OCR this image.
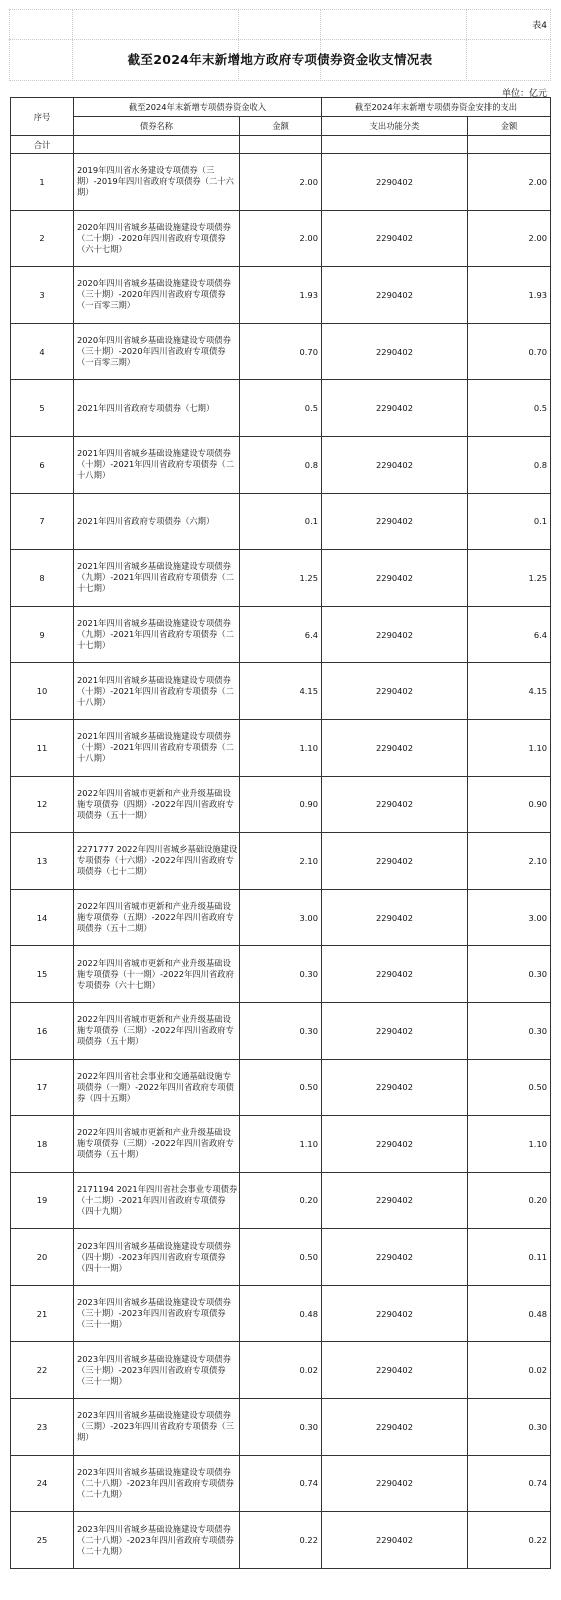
表4
截至2024年末新增地方政府专项债券资金收支情况表
单位：亿元
序号	截至2024年末新增专项债券资金收入		截至2024年末新增专项债券资金安排的支出	
	债券名称	金额	支出功能分类	金额
合计				
1	2019年四川省水务建设专项债券（三期）-2019年四川省政府专项债券（二十六期）	2.00	2290402	2.00
2	2020年四川省城乡基础设施建设专项债券（二十期）-2020年四川省政府专项债券（六十七期）	2.00	2290402	2.00
3	2020年四川省城乡基础设施建设专项债券（三十期）-2020年四川省政府专项债券（一百零三期）	1.93	2290402	1.93
4	2020年四川省城乡基础设施建设专项债券（三十期）-2020年四川省政府专项债券（一百零三期）	0.70	2290402	0.70
5	2021年四川省政府专项债券（七期）	0.5	2290402	0.5
6	2021年四川省城乡基础设施建设专项债券（十期）-2021年四川省政府专项债券（二十八期）	0.8	2290402	0.8
7	2021年四川省政府专项债券（六期）	0.1	2290402	0.1
8	2021年四川省城乡基础设施建设专项债券（九期）-2021年四川省政府专项债券（二十七期）	1.25	2290402	1.25
9	2021年四川省城乡基础设施建设专项债券（九期）-2021年四川省政府专项债券（二十七期）	6.4	2290402	6.4
10	2021年四川省城乡基础设施建设专项债券（十期）-2021年四川省政府专项债券（二十八期）	4.15	2290402	4.15
11	2021年四川省城乡基础设施建设专项债券（十期）-2021年四川省政府专项债券（二十八期）	1.10	2290402	1.10
12	2022年四川省城市更新和产业升级基础设施专项债券（四期）-2022年四川省政府专项债券（五十一期）	0.90	2290402	0.90
13	2271777 2022年四川省城乡基础设施建设专项债券（十六期）-2022年四川省政府专项债券（七十二期）	2.10	2290402	2.10
14	2022年四川省城市更新和产业升级基础设施专项债券（五期）-2022年四川省政府专项债券（五十二期）	3.00	2290402	3.00
15	2022年四川省城市更新和产业升级基础设施专项债券（十一期）-2022年四川省政府专项债券（六十七期）	0.30	2290402	0.30
16	2022年四川省城市更新和产业升级基础设施专项债券（三期）-2022年四川省政府专项债券（五十期）	0.30	2290402	0.30
17	2022年四川省社会事业和交通基础设施专项债券（一期）-2022年四川省政府专项债券（四十五期）	0.50	2290402	0.50
18	2022年四川省城市更新和产业升级基础设施专项债券（三期）-2022年四川省政府专项债券（五十期）	1.10	2290402	1.10
19	2171194 2021年四川省社会事业专项债券（十二期）-2021年四川省政府专项债券（四十九期）	0.20	2290402	0.20
20	2023年四川省城乡基础设施建设专项债券（四十期）-2023年四川省政府专项债券（四十一期）	0.50	2290402	0.11
21	2023年四川省城乡基础设施建设专项债券（三十期）-2023年四川省政府专项债券（三十一期）	0.48	2290402	0.48
22	2023年四川省城乡基础设施建设专项债券（三十期）-2023年四川省政府专项债券（三十一期）	0.02	2290402	0.02
23	2023年四川省城乡基础设施建设专项债券（三期）-2023年四川省政府专项债券（三期）	0.30	2290402	0.30
24	2023年四川省城乡基础设施建设专项债券（二十八期）-2023年四川省政府专项债券（二十九期）	0.74	2290402	0.74
25	2023年四川省城乡基础设施建设专项债券（二十八期）-2023年四川省政府专项债券（二十九期）	0.22	2290402	0.22
